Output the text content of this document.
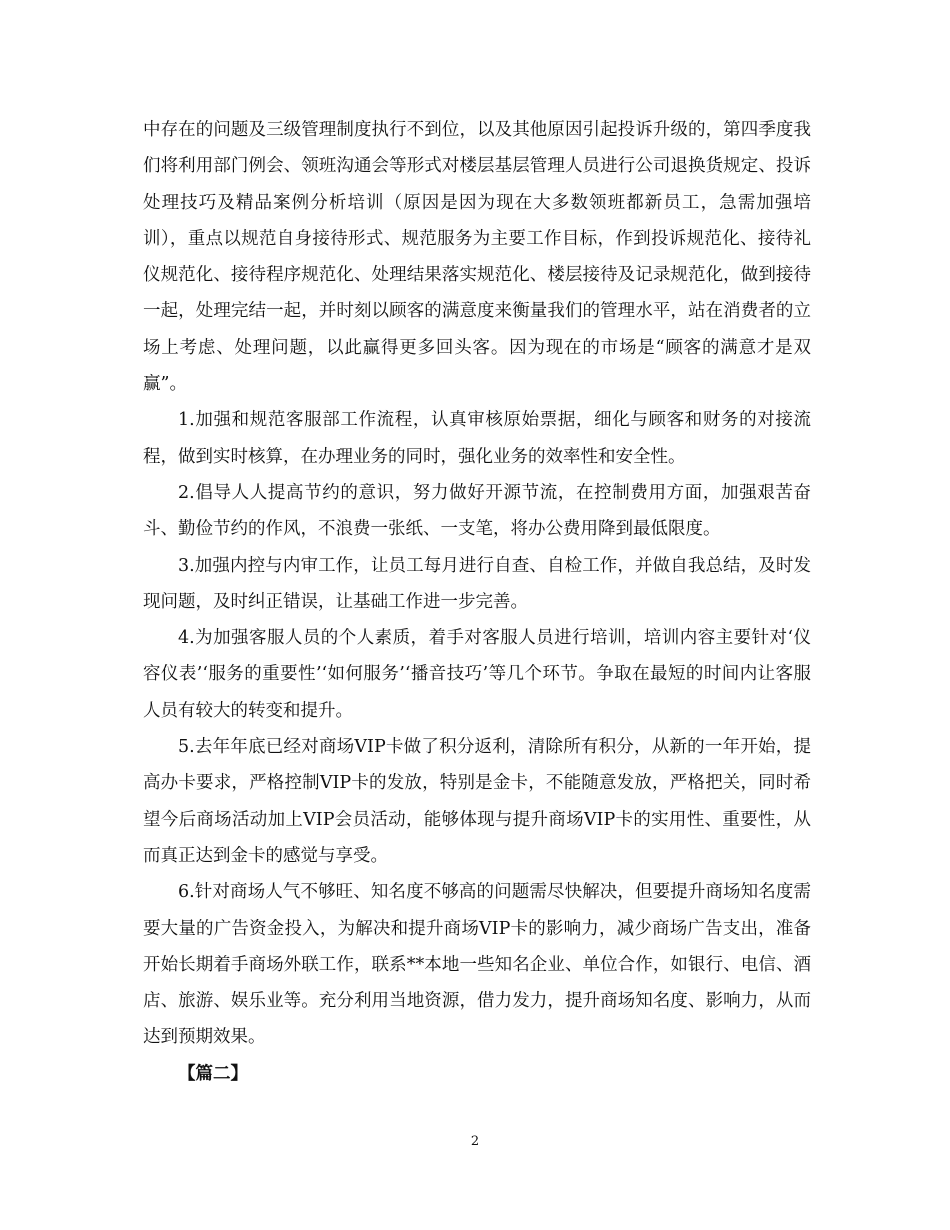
中存在的问题及三级管理制度执行不到位，以及其他原因引起投诉升级的，第四季度我们将利用部门例会、领班沟通会等形式对楼层基层管理人员进行公司退换货规定、投诉处理技巧及精品案例分析培训（原因是因为现在大多数领班都新员工，急需加强培训），重点以规范自身接待形式、规范服务为主要工作目标，作到投诉规范化、接待礼仪规范化、接待程序规范化、处理结果落实规范化、楼层接待及记录规范化，做到接待一起，处理完结一起，并时刻以顾客的满意度来衡量我们的管理水平，站在消费者的立场上考虑、处理问题，以此赢得更多回头客。因为现在的市场是“顾客的满意才是双赢”。

1.加强和规范客服部工作流程，认真审核原始票据，细化与顾客和财务的对接流程，做到实时核算，在办理业务的同时，强化业务的效率性和安全性。

2.倡导人人提高节约的意识，努力做好开源节流，在控制费用方面，加强艰苦奋斗、勤俭节约的作风，不浪费一张纸、一支笔，将办公费用降到最低限度。

3.加强内控与内审工作，让员工每月进行自查、自检工作，并做自我总结，及时发现问题，及时纠正错误，让基础工作进一步完善。

4.为加强客服人员的个人素质，着手对客服人员进行培训，培训内容主要针对‘仪容仪表’‘服务的重要性’‘如何服务’‘播音技巧’等几个环节。争取在最短的时间内让客服人员有较大的转变和提升。

5.去年年底已经对商场VIP卡做了积分返利，清除所有积分，从新的一年开始，提高办卡要求，严格控制VIP卡的发放，特别是金卡，不能随意发放，严格把关，同时希望今后商场活动加上VIP会员活动，能够体现与提升商场VIP卡的实用性、重要性，从而真正达到金卡的感觉与享受。

6.针对商场人气不够旺、知名度不够高的问题需尽快解决，但要提升商场知名度需要大量的广告资金投入，为解决和提升商场VIP卡的影响力，减少商场广告支出，准备开始长期着手商场外联工作，联系**本地一些知名企业、单位合作，如银行、电信、酒店、旅游、娱乐业等。充分利用当地资源，借力发力，提升商场知名度、影响力，从而达到预期效果。

【篇二】

2
